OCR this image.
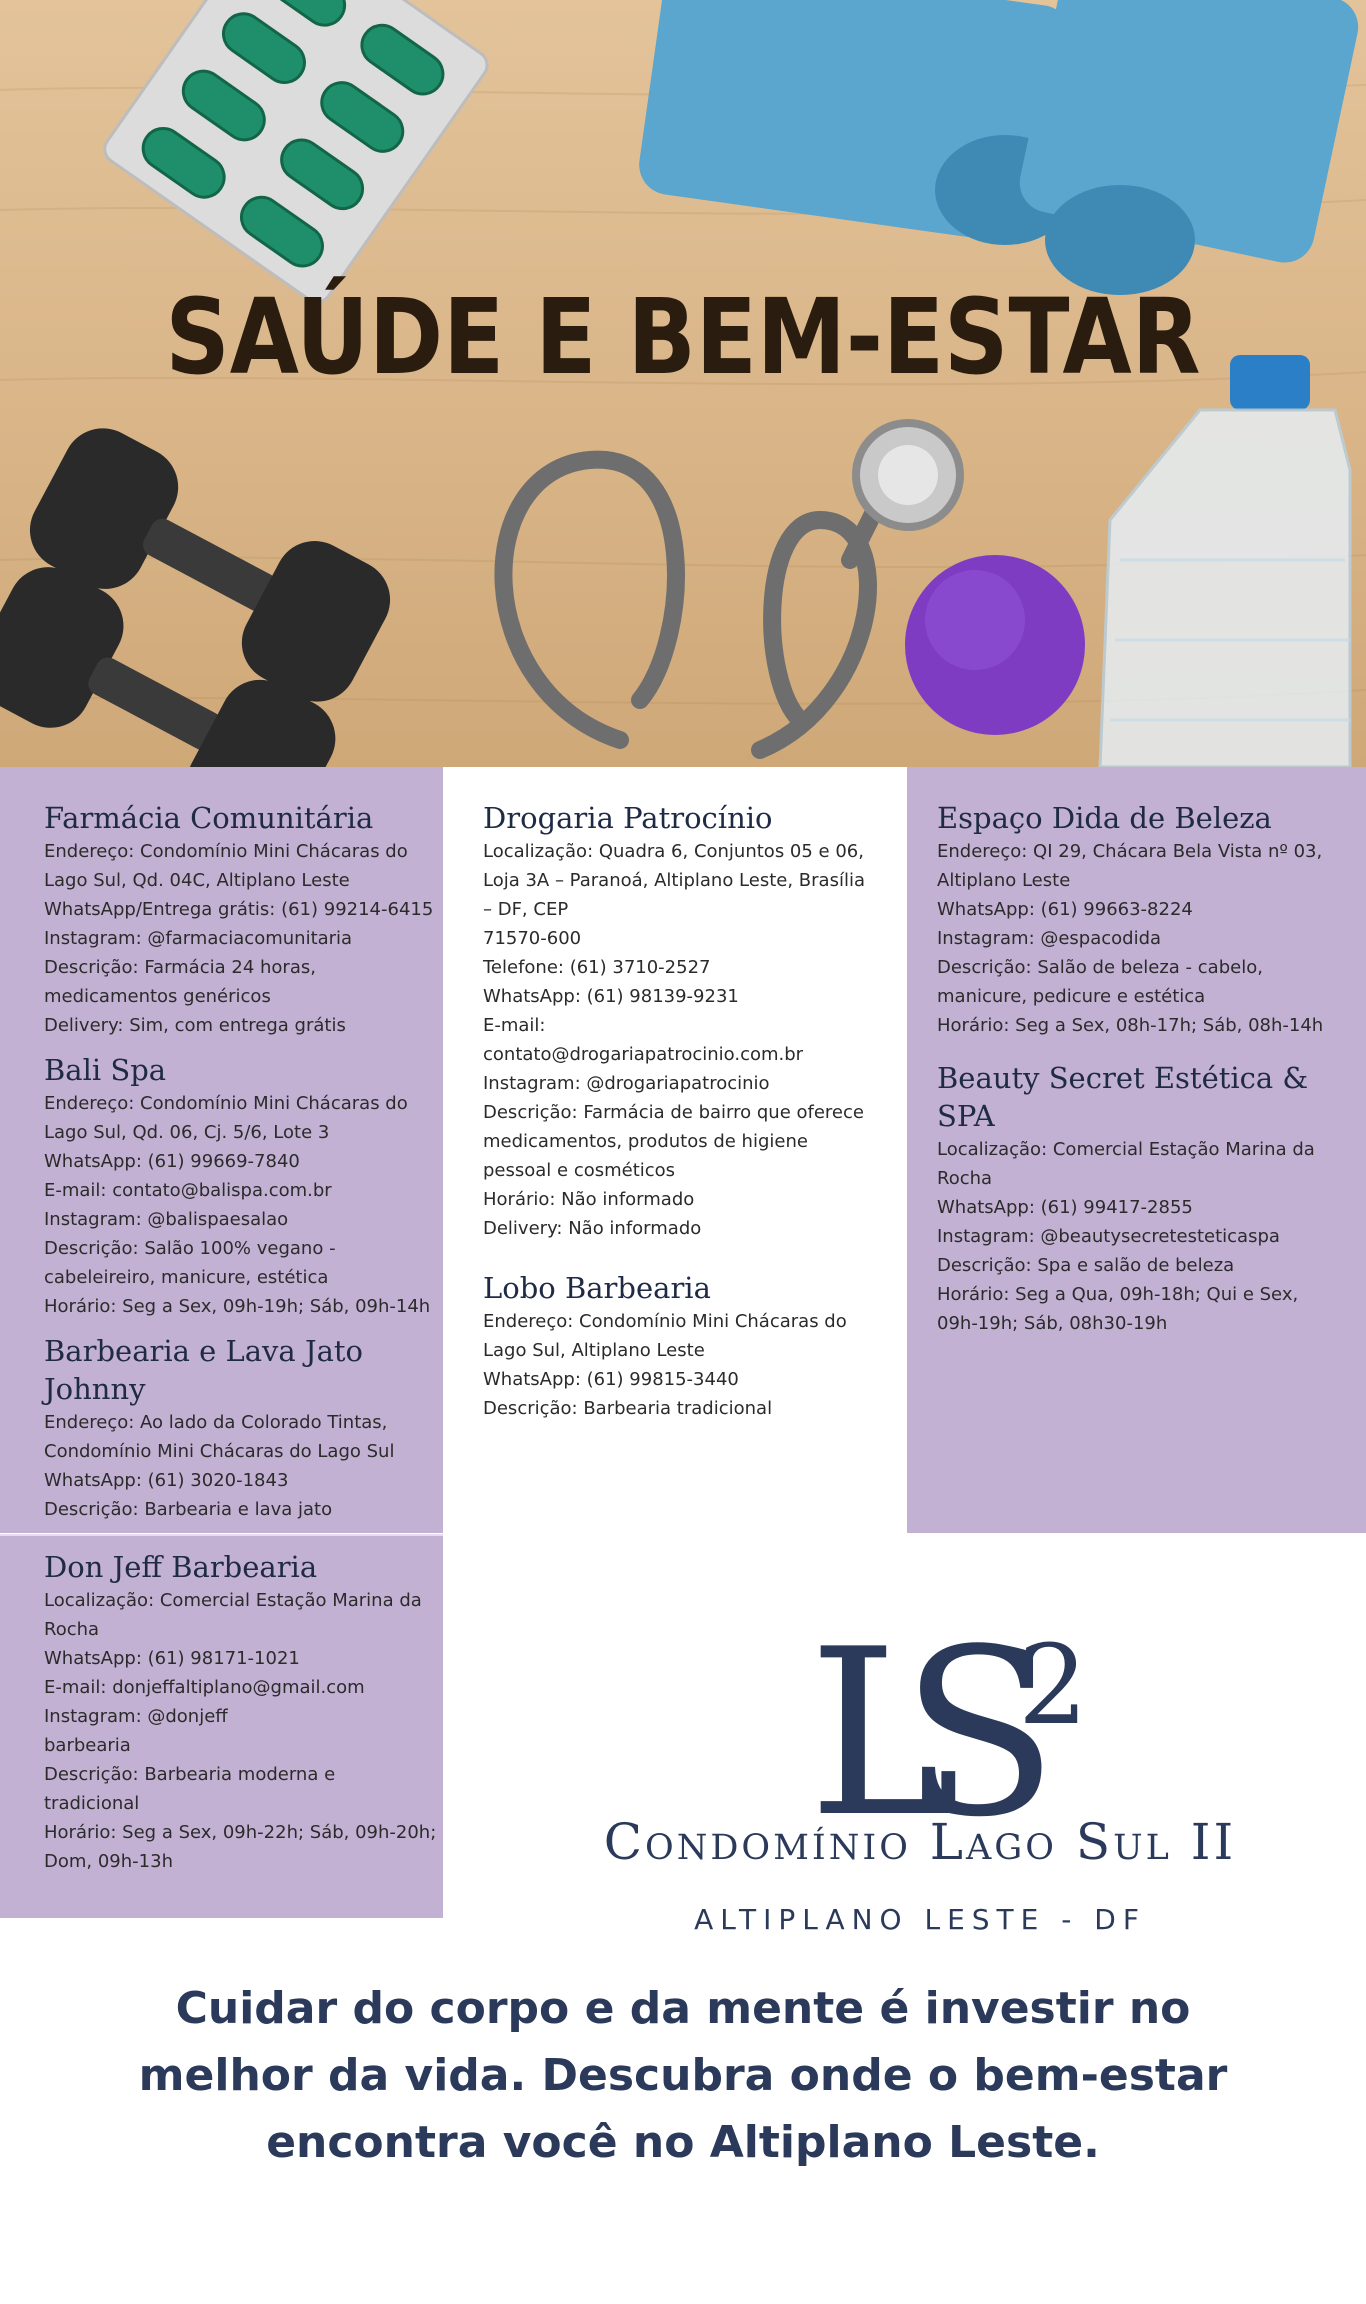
SAÚDE E BEM-ESTAR
Farmácia Comunitária

Endereço: Condomínio Mini Chácaras do
Lago Sul, Qd. 04C, Altiplano Leste
WhatsApp/Entrega grátis: (61) 99214-6415
Instagram: @farmaciacomunitaria
Descrição: Farmácia 24 horas,
medicamentos genéricos
Delivery: Sim, com entrega grátis

Bali Spa

Endereço: Condomínio Mini Chácaras do
Lago Sul, Qd. 06, Cj. 5/6, Lote 3
WhatsApp: (61) 99669-7840
E-mail: contato@balispa.com.br
Instagram: @balispaesalao
Descrição: Salão 100% vegano -
cabeleireiro, manicure, estética
Horário: Seg a Sex, 09h-19h; Sáb, 09h-14h

Barbearia e Lava Jato
Johnny

Endereço: Ao lado da Colorado Tintas,
Condomínio Mini Chácaras do Lago Sul
WhatsApp: (61) 3020-1843
Descrição: Barbearia e lava jato

Don Jeff Barbearia

Localização: Comercial Estação Marina da
Rocha
WhatsApp: (61) 98171-1021
E-mail: donjeffaltiplano@gmail.com
Instagram: @donjeff
barbearia
Descrição: Barbearia moderna e
tradicional
Horário: Seg a Sex, 09h-22h; Sáb, 09h-20h;
Dom, 09h-13h

Drogaria Patrocínio

Localização: Quadra 6, Conjuntos 05 e 06,
Loja 3A – Paranoá, Altiplano Leste, Brasília
– DF, CEP
71570-600
Telefone: (61) 3710-2527
WhatsApp: (61) 98139-9231
E-mail:
contato@drogariapatrocinio.com.br
Instagram: @drogariapatrocinio
Descrição: Farmácia de bairro que oferece
medicamentos, produtos de higiene
pessoal e cosméticos
Horário: Não informado
Delivery: Não informado

Lobo Barbearia

Endereço: Condomínio Mini Chácaras do
Lago Sul, Altiplano Leste
WhatsApp: (61) 99815-3440
Descrição: Barbearia tradicional

Espaço Dida de Beleza

Endereço: QI 29, Chácara Bela Vista nº 03,
Altiplano Leste
WhatsApp: (61) 99663-8224
Instagram: @espacodida
Descrição: Salão de beleza - cabelo,
manicure, pedicure e estética
Horário: Seg a Sex, 08h-17h; Sáb, 08h-14h

Beauty Secret Estética &
SPA

Localização: Comercial Estação Marina da
Rocha
WhatsApp: (61) 99417-2855
Instagram: @beautysecretesteticaspa
Descrição: Spa e salão de beleza
Horário: Seg a Qua, 09h-18h; Qui e Sex,
09h-19h; Sáb, 08h30-19h

LS 2
Condomínio Lago Sul II
ALTIPLANO LESTE - DF
Cuidar do corpo e da mente é investir no
melhor da vida. Descubra onde o bem-estar
encontra você no Altiplano Leste.
